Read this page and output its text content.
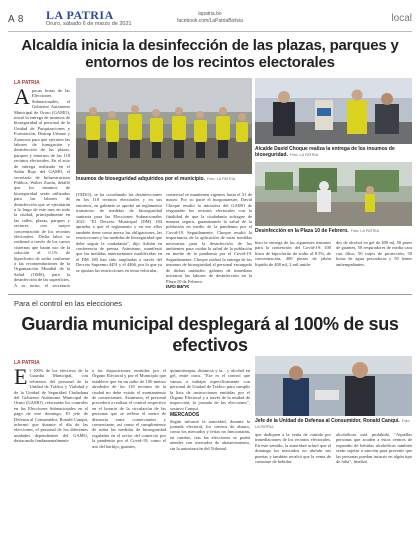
A 8 LA PATRIA
Oruro, sábado 6 de marzo de 2021
lapatria.bo
facebook.com/LaPatriaBolivia	local
Alcaldía inicia la desinfección de las plazas, parques y entornos de los recintos electorales
LA PATRIA
Apocas horas de las Elecciones Subnacionales, el Gobierno Autónomo Municipal de Oruro (GAMO), inició la entrega de insumos de bioseguridad al personal de la Unidad de Parquizaciones y Forestación, Distrap Urbano y Zoonosis para que ejecuten las labores de fumigación y desinfección de las plazas, parques y entornos de los 118 recintos electorales. En el acto de entrega realizado en el Salón Rojo del GAMO, el secretario de Infraestructura Pública, Walter Zurita, detalló que los insumos de bioseguridad serán utilizados para las labores de desinfección que se ejecutarán a lo largo de este mes en todo la ciudad, principalmente en las calles, plazas, parques y sectores con mayor concentración de los recintos electorales. Dicha labor se realizará a través de los carros cisternas que harán uso de la solución al 0.1% de hipoclorito de sodio conforme a las recomendaciones de la Organización Mundial de la Salud (OMS), para la desinfección de las superficies. A su turno, el secretario
Insumos de bioseguridad adquiridos por el municipio. Foto: LA PATRIA
Alcalde David Choque realiza la entrega de los insumos de bioseguridad. Foto: LA PATRIA
(TEDO), se ha coordinado las desinfecciones en los 118 recintos electorales y en sus entornos, en gabinete se aprobó un reglamento transitorio de medidas de bioseguridad sanitaria para las Elecciones Subnacionales 2021. "El Decreto Municipal (DM) 184 aprueba a que el reglamento y en ese ellos también tiene como anexo las obligaciones, las restricciones y las medidas de bioseguridad que debe seguir la ciudadanía", dijo Adrián en conferencia de prensa. Asimismo, manifestó que las medidas anteriormente establecidas en el DM 180 han sido ampliadas a través del Decreto Supremo 4451 y el 4466, por lo que ya se ajustan las restricciones en tema vehicular,
comercial se mantienen vigentes hasta el 31 de marzo. Por su parte el burgomaestre, David Choque resaltó la iniciativa del GAMO de resguardar los recintos electorales con la finalidad de que la ciudadanía sufrague de manera segura, garantizando la salud de la población en medio de la pandemia por el Covid-19. Seguidamente, Choque resaltó la importancia de la aplicación de estas medidas necesarias para la desinfección de los ambientes para cuidar la salud de la población en medio de la pandemia por el Covid-19. Seguidamente, Choque realizó la entrega de los insumos de bioseguridad al personal encargado de dichas unidades: galones de inmediato iniciaron las labores de desinfección en la Plaza 10 de Febrero.
INSUMOS
Desinfección en la Plaza 10 de Febrero. Foto: LA PATRIA
hizo la entrega de los siguientes insumos para la contención del Covid-19: 100 litros de hipoclorito de sodio al 8.5%, de concentración, 400 piezas de jabón líquido de 400 ml, 2 mil unida-
des de alcohol en gel de 400 ml, 50 pares de guantes, 50 respiradores de media cara con filtro, 50 trajes de protección, 50 botas de agua pescadoras y 50 lentes antiempañantes.
Para el control en las elecciones
Guardia municipal desplegará al 100% de sus efectivos
LA PATRIA
El 100% de los efectivos de la Guardia Municipal, con refuerzos del personal de la Unidad de Tráfico y Vialidad y de la Unidad de Seguridad Ciudadana del Gobierno Autónomo Municipal de Oruro (GAMO), reforzarán los controles en las Elecciones Subnacionales en el pago de este domingo. El jefe de Defensa al Consumidor, Ronald Canqui, informó que durante el día de las elecciones, el personal de los diferentes unidades dependientes del GAMO, destacando fundamentalmente
a las disposiciones emitidas por el Órgano Electoral y por el Municipio que establece que en un radio de 100 metros alrededor de los 118 recintos de la ciudad no debe existir el asentamiento de comerciantes. Asimismo, el personal procederá a realizar el control respectivo en el horario de la circulación de las personas que se reflexe el metro de distancia entre comerciantes y comerciante, así como el cumplimiento de todas las medidas de bioseguridad reguladas en el sector del comercio por la pandemia por el Covid-19, como el uso del barbijo, guantes,
quimioterapia, distancia y la... y alcohol en gel, entre otros. "Ese es el control que vamos a trabajar específicamente con personal de Unidad de Tráfico para cumplir la lista de instrucciones emitidas por el Órgano Electoral y a través de la unidad de inspección, la jornada de las elecciones", sostuvo Canqui.
MERCADOS
Según informó la autoridad, durante la jornada electoral, los centros de abasto, como los mercados y ferias no funcionarán, en cambio, tras las elecciones se podrá atender con mercados de abastecimiento, sin la autorización del Tribunal.
Jefe de la Unidad de Defensa al Consumidor, Ronald Canqui. Foto: LA PATRIA
que dediquen a la venta de comida por inmediaciones de los recintos electorales. En este sentido, la autoridad aclaró que el domingo los mercados no abrirán sus puertas y también recalcó que la venta de consumo de bebidas
alcohólicas está prohibida. "Aquellas personas que acuden a estos centros de expendio de bebidas alcohólicas también serán sujetas a sanción para prevenir que las personas puedan incurrir en algún tipo de falta", finalizó.
